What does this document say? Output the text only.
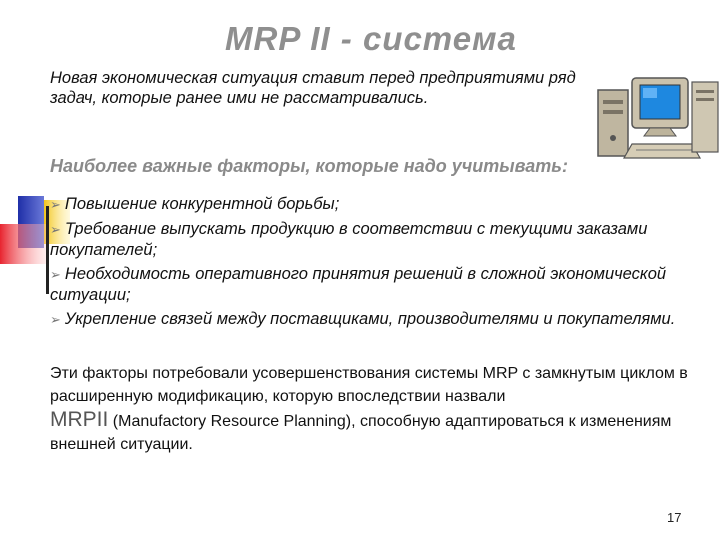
MRP II - система
Новая экономическая ситуация ставит перед предприятиями ряд задач, которые ранее ими не рассматривались.
Наиболее важные факторы, которые надо учитывать:
➢ Повышение конкурентной борьбы;
➢ Требование выпускать продукцию в соответствии с текущими заказами покупателей;
➢ Необходимость оперативного принятия решений в сложной экономической ситуации;
➢ Укрепление связей между поставщиками, производителями и покупателями.
Эти факторы потребовали усовершенствования системы MRP с замкнутым циклом в расширенную модификацию, которую впоследствии назвали
MRPII (Manufactory Resource Planning), способную адаптироваться к изменениям
внешней ситуации.
17
